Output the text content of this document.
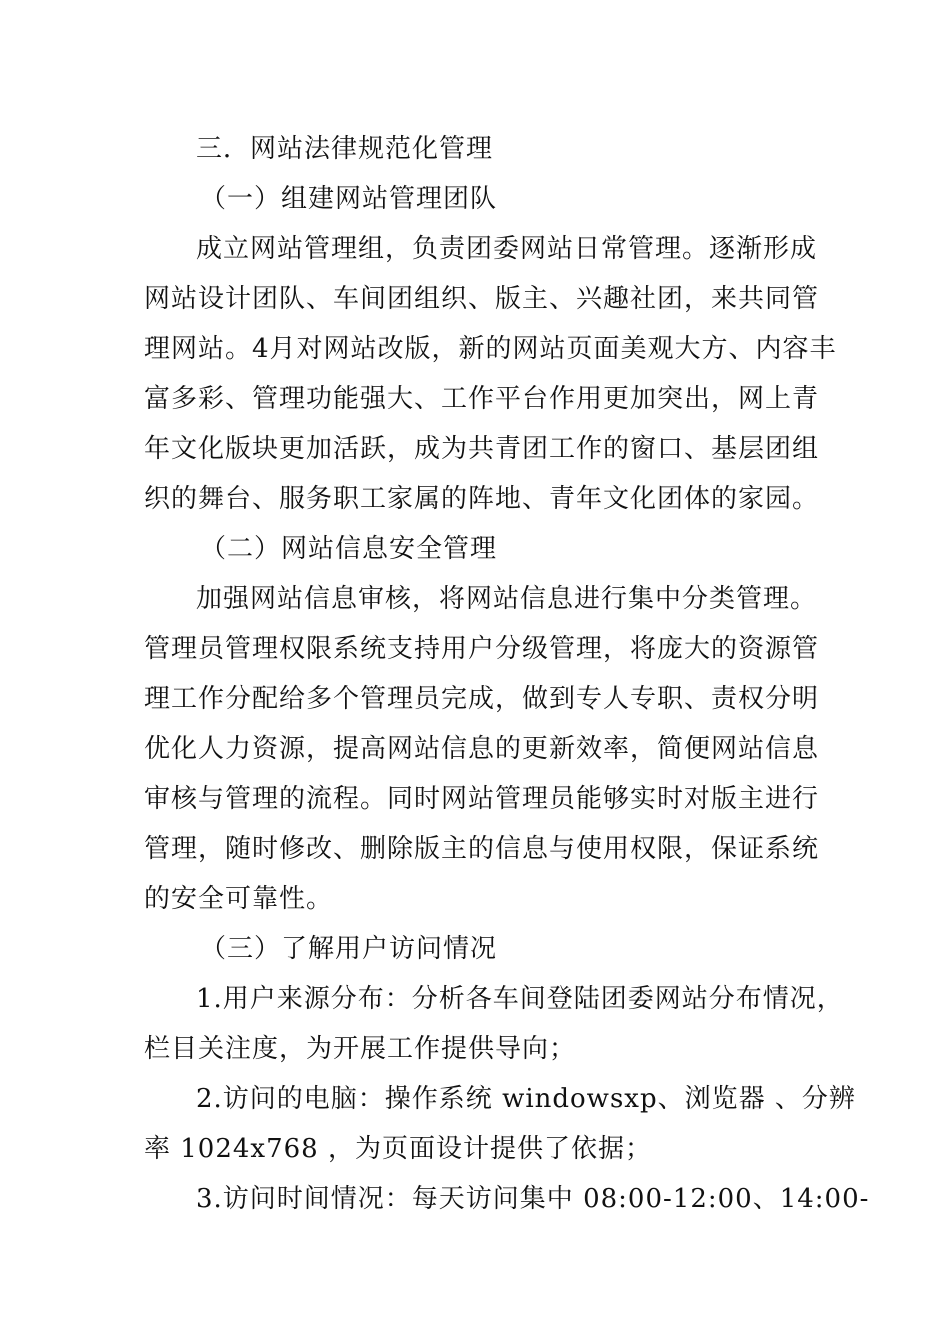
三．网站法律规范化管理
（一）组建网站管理团队
成立网站管理组，负责团委网站日常管理。逐渐形成
网站设计团队、车间团组织、版主、兴趣社团，来共同管
理网站。4月对网站改版，新的网站页面美观大方、内容丰
富多彩、管理功能强大、工作平台作用更加突出，网上青
年文化版块更加活跃，成为共青团工作的窗口、基层团组
织的舞台、服务职工家属的阵地、青年文化团体的家园。
（二）网站信息安全管理
加强网站信息审核，将网站信息进行集中分类管理。
管理员管理权限系统支持用户分级管理，将庞大的资源管
理工作分配给多个管理员完成，做到专人专职、责权分明
优化人力资源，提高网站信息的更新效率，简便网站信息
审核与管理的流程。同时网站管理员能够实时对版主进行
管理，随时修改、删除版主的信息与使用权限，保证系统
的安全可靠性。
（三）了解用户访问情况
1.用户来源分布：分析各车间登陆团委网站分布情况，
栏目关注度，为开展工作提供导向；
2.访问的电脑：操作系统 windowsxp、浏览器 、分辨
率 1024x768 ，为页面设计提供了依据；
3.访问时间情况：每天访问集中 08:00-12:00、14:00-
